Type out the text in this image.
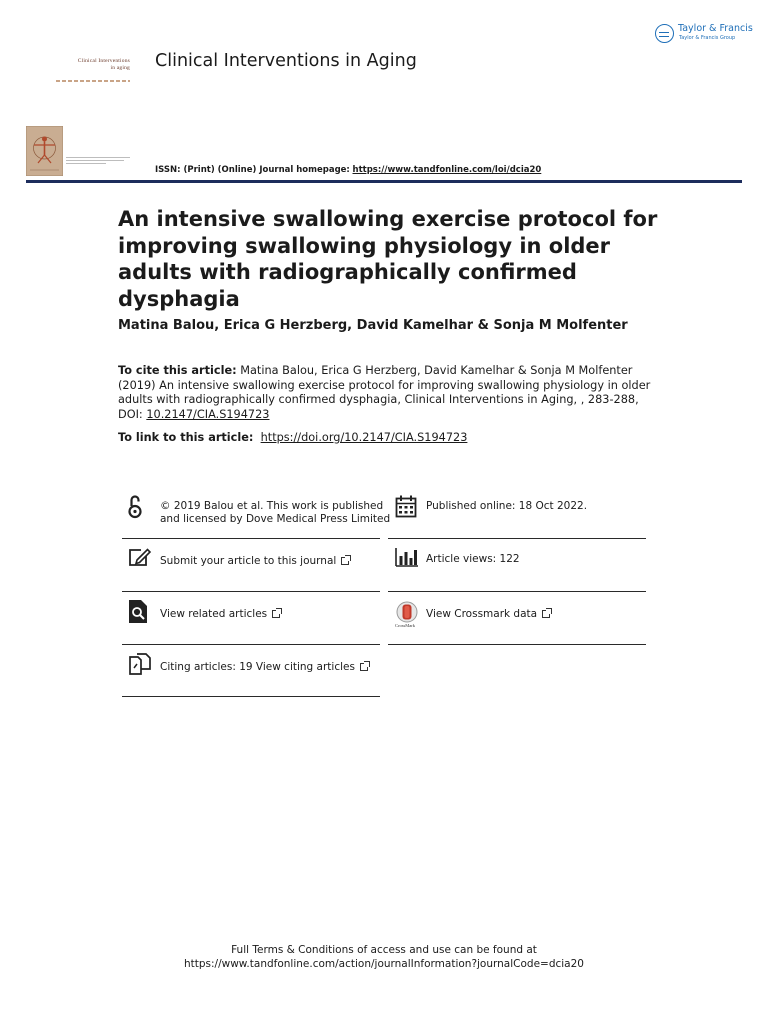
Taylor & Francis
Taylor & Francis Group
Clinical Interventions
in aging Clinical Interventions in Aging
ISSN: (Print) (Online) Journal homepage: https://www.tandfonline.com/loi/dcia20
An intensive swallowing exercise protocol for improving swallowing physiology in older adults with radiographically confirmed dysphagia
Matina Balou, Erica G Herzberg, David Kamelhar & Sonja M Molfenter
To cite this article: Matina Balou, Erica G Herzberg, David Kamelhar & Sonja M Molfenter (2019) An intensive swallowing exercise protocol for improving swallowing physiology in older adults with radiographically confirmed dysphagia, Clinical Interventions in Aging, , 283-288, DOI: 10.2147/CIA.S194723
To link to this article: https://doi.org/10.2147/CIA.S194723
© 2019 Balou et al. This work is published
and licensed by Dove Medical Press Limited
Published online: 18 Oct 2022.
Submit your article to this journal	Article views: 122
View related articles
CrossMark
View Crossmark data
Citing articles: 19 View citing articles
Full Terms & Conditions of access and use can be found at
https://www.tandfonline.com/action/journalInformation?journalCode=dcia20
